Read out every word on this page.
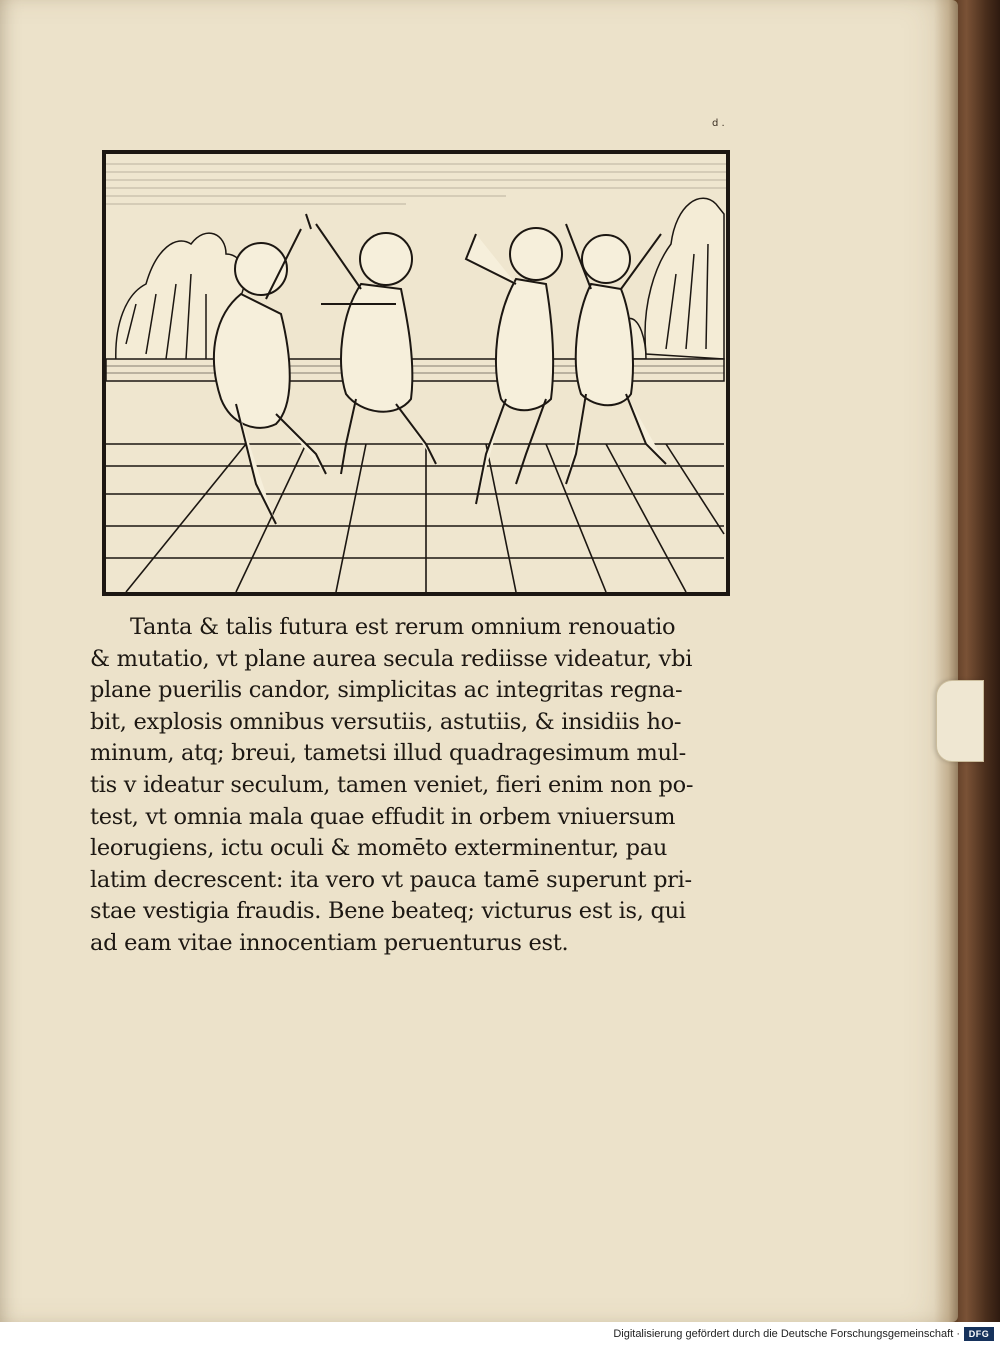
d .
Tanta & talis futura est rerum omnium renouatio
& mutatio, vt plane aurea secula rediisse videatur, vbi
plane puerilis candor, simplicitas ac integritas regna-
bit, explosis omnibus versutiis, astutiis, & insidiis ho-
minum, atq; breui, tametsi illud quadragesimum mul-
tis v ideatur seculum, tamen veniet, fieri enim non po-
test, vt omnia mala quae effudit in orbem vniuersum
leorugiens, ictu oculi & momēto exterminentur, pau
latim decrescent: ita vero vt pauca tamē superunt pri-
stae vestigia fraudis. Bene beateq; victurus est is, qui
ad eam vitae innocentiam peruenturus est.
Digitalisierung gefördert durch die Deutsche Forschungsgemeinschaft · DFG
